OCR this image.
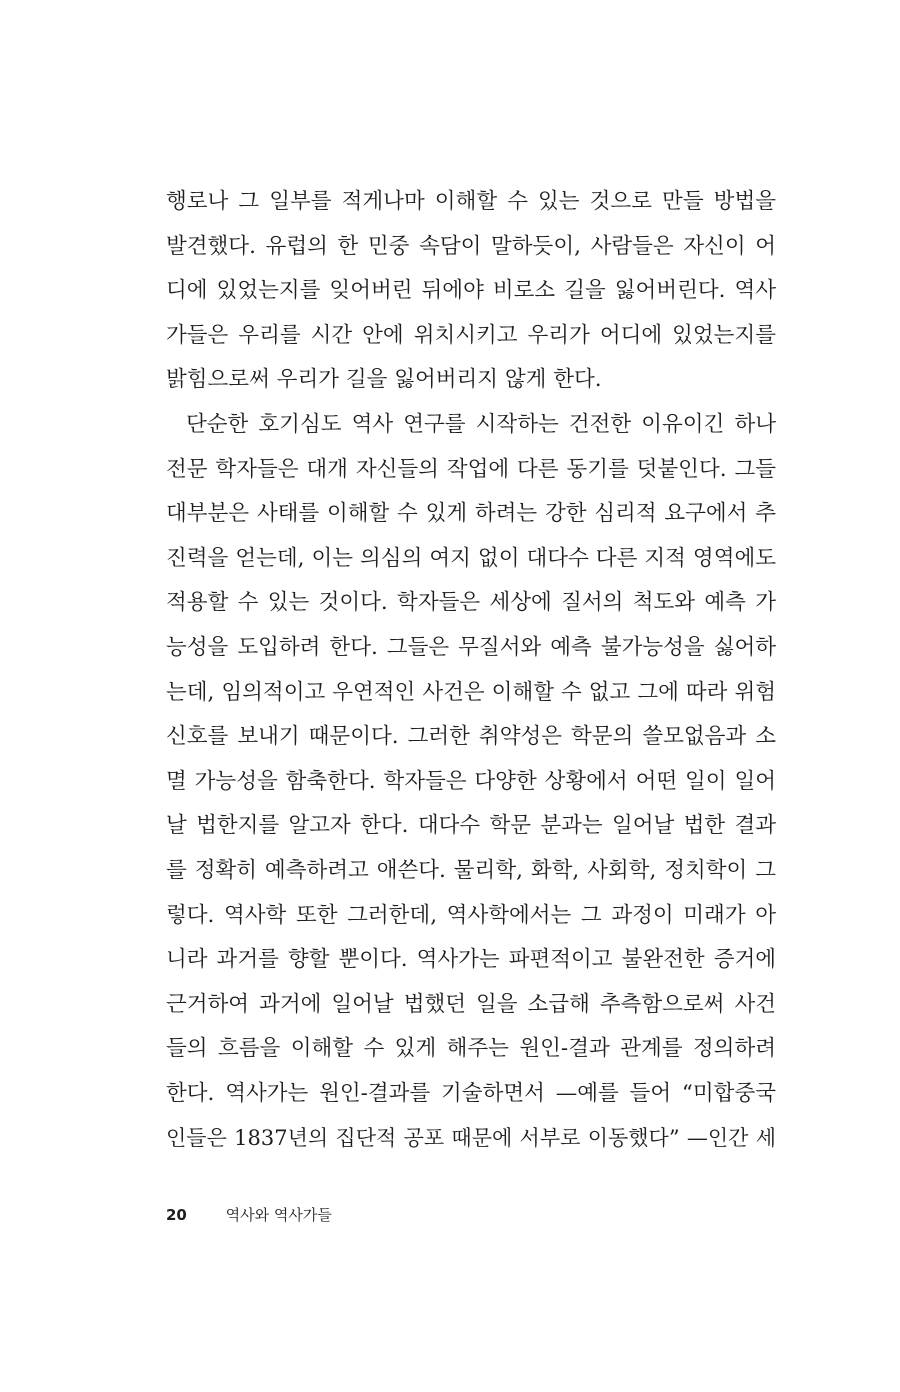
행로나 그 일부를 적게나마 이해할 수 있는 것으로 만들 방법을
발견했다. 유럽의 한 민중 속담이 말하듯이, 사람들은 자신이 어
디에 있었는지를 잊어버린 뒤에야 비로소 길을 잃어버린다. 역사
가들은 우리를 시간 안에 위치시키고 우리가 어디에 있었는지를
밝힘으로써 우리가 길을 잃어버리지 않게 한다.
단순한 호기심도 역사 연구를 시작하는 건전한 이유이긴 하나
전문 학자들은 대개 자신들의 작업에 다른 동기를 덧붙인다. 그들
대부분은 사태를 이해할 수 있게 하려는 강한 심리적 요구에서 추
진력을 얻는데, 이는 의심의 여지 없이 대다수 다른 지적 영역에도
적용할 수 있는 것이다. 학자들은 세상에 질서의 척도와 예측 가
능성을 도입하려 한다. 그들은 무질서와 예측 불가능성을 싫어하
는데, 임의적이고 우연적인 사건은 이해할 수 없고 그에 따라 위험
신호를 보내기 때문이다. 그러한 취약성은 학문의 쓸모없음과 소
멸 가능성을 함축한다. 학자들은 다양한 상황에서 어떤 일이 일어
날 법한지를 알고자 한다. 대다수 학문 분과는 일어날 법한 결과
를 정확히 예측하려고 애쓴다. 물리학, 화학, 사회학, 정치학이 그
렇다. 역사학 또한 그러한데, 역사학에서는 그 과정이 미래가 아
니라 과거를 향할 뿐이다. 역사가는 파편적이고 불완전한 증거에
근거하여 과거에 일어날 법했던 일을 소급해 추측함으로써 사건
들의 흐름을 이해할 수 있게 해주는 원인-결과 관계를 정의하려
한다. 역사가는 원인-결과를 기술하면서 —예를 들어 “미합중국
인들은 1837년의 집단적 공포 때문에 서부로 이동했다” —인간 세
20	역사와 역사가들
